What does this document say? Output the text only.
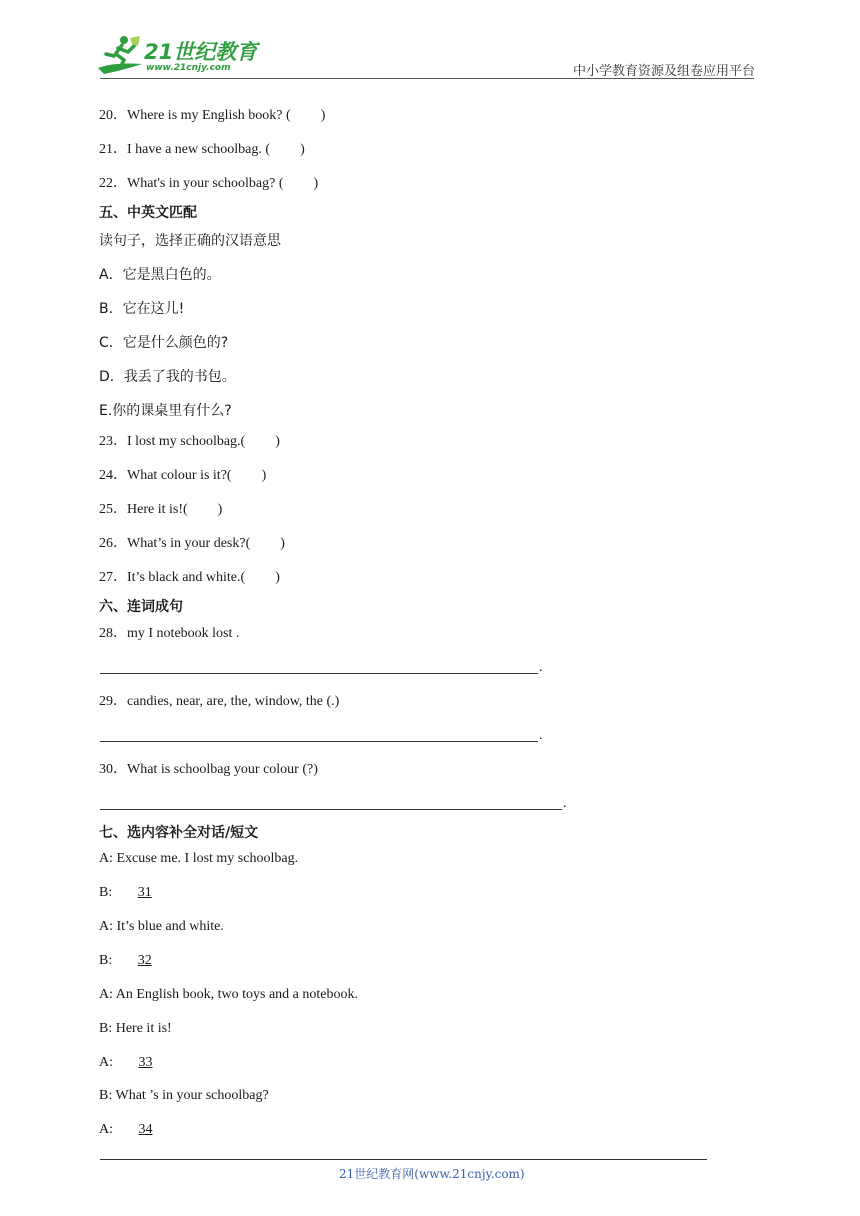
21世纪教育
www.21cnjy.com	中小学教育资源及组卷应用平台
20．Where is my English book? ( )
21．I have a new schoolbag. ( )
22．What's in your schoolbag? ( )
五、中英文匹配
读句子，选择正确的汉语意思
A．它是黑白色的。
B．它在这儿!
C．它是什么颜色的?
D．我丢了我的书包。
E.你的课桌里有什么?
23．I lost my schoolbag.( )
24．What colour is it?( )
25．Here it is!( )
26．What’s in your desk?( )
27．It’s black and white.( )
六、连词成句
28．my I notebook lost .
.
29．candies, near, are, the, window, the (.)
.
30．What is schoolbag your colour (?)
.
七、选内容补全对话/短文
A: Excuse me. I lost my schoolbag.
B: 31
A: It’s blue and white.
B: 32
A: An English book, two toys and a notebook.
B: Here it is!
A: 33
B: What ’s in your schoolbag?
A: 34
21世纪教育网(www.21cnjy.com)
